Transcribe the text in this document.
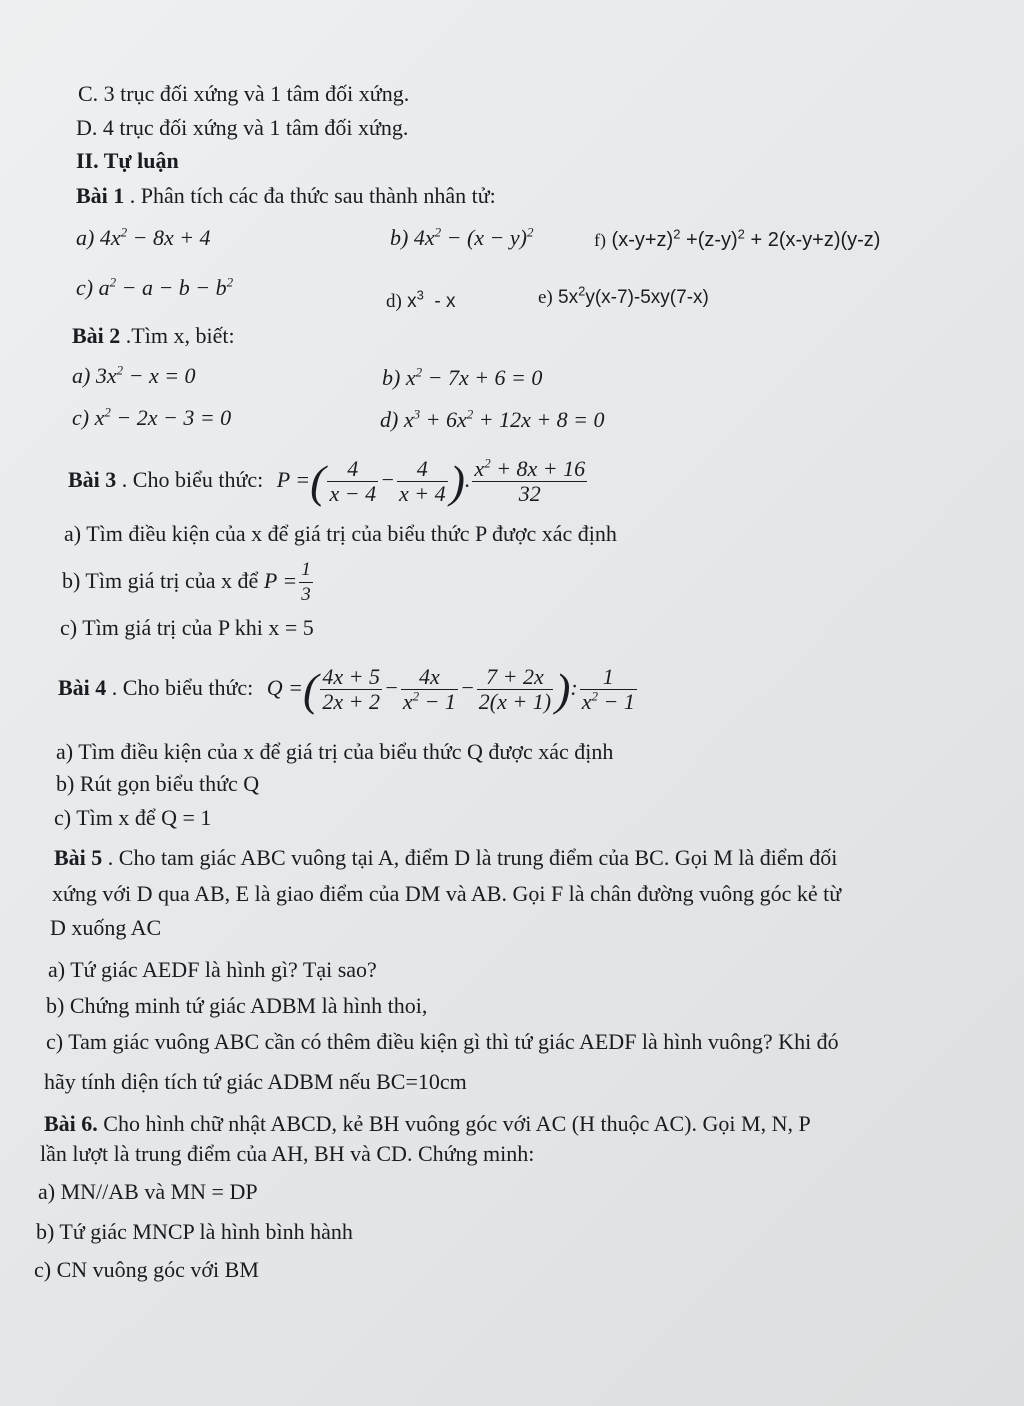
C. 3 trục đối xứng và 1 tâm đối xứng.
D. 4 trục đối xứng và 1 tâm đối xứng.
II. Tự luận
Bài 1 . Phân tích các đa thức sau thành nhân tử:
a) $4x^2 - 8x + 4$	b) $4x^2 - (x - y)^2$	f) $(x-y+z)^2 +(z-y)^2 + 2(x-y+z)(y-z)$
c) $a^2 - a - b - b^2$
d) $x^3$  - x	e) $5x^2y(x-7)-5xy(7-x)$
Bài 2 .Tìm x, biết:
a) $3x^2 - x = 0$	b) $x^2 - 7x + 6 = 0$
c) $x^2 - 2x - 3 = 0$	d) $x^3 + 6x^2 + 12x + 8 = 0$
Bài 3 . Cho biểu thức: P =( $\frac{4}{x - 4} - \frac{4}{x + 4}$ ). $\frac{x^2 + 8x + 16}{32}$
a) Tìm điều kiện của x để giá trị của biểu thức P được xác định
b) Tìm giá trị của x để $P = \frac{1}{3}$
c) Tìm giá trị của P khi x = 5
Bài 4 . Cho biểu thức: Q =( $\frac{4x + 5}{2x + 2} - \frac{4x}{x^2 - 1} - \frac{7 + 2x}{2(x + 1)}$ ): $\frac{1}{x^2 - 1}$
a) Tìm điều kiện của x để giá trị của biểu thức Q được xác định
b) Rút gọn biểu thức Q
c) Tìm x để Q = 1
Bài 5 . Cho tam giác ABC vuông tại A, điểm D là trung điểm của BC. Gọi M là điểm đối
xứng với D qua AB, E là giao điểm của DM và AB. Gọi F là chân đường vuông góc kẻ từ
D xuống AC
a) Tứ giác AEDF là hình gì? Tại sao?
b) Chứng minh tứ giác ADBM là hình thoi,
c) Tam giác vuông ABC cần có thêm điều kiện gì thì tứ giác AEDF là hình vuông? Khi đó
hãy tính diện tích tứ giác ADBM nếu BC=10cm
Bài 6. Cho hình chữ nhật ABCD, kẻ BH vuông góc với AC (H thuộc AC). Gọi M, N, P
lần lượt là trung điểm của AH, BH và CD. Chứng minh:
a) MN//AB và MN = DP
b) Tứ giác MNCP là hình bình hành
c) CN vuông góc với BM
